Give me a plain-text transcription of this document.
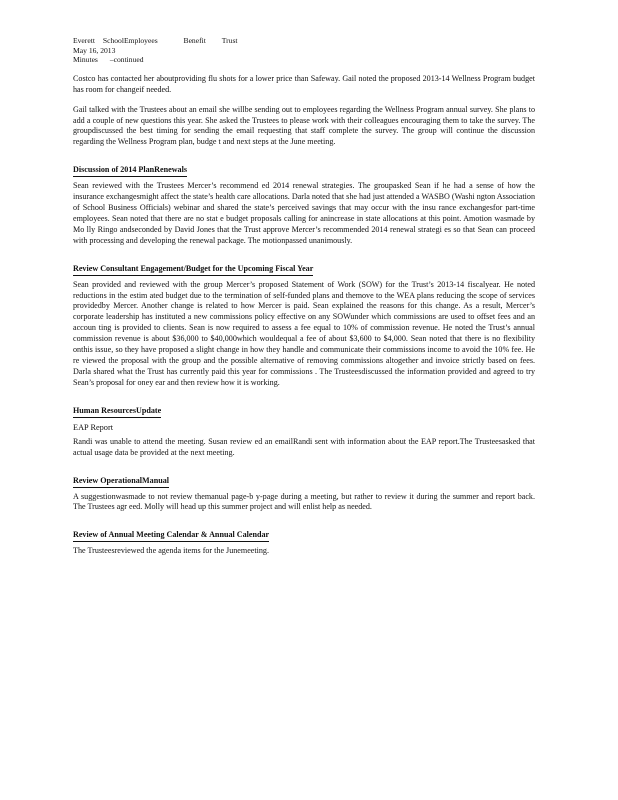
Everett SchoolEmployees	Benefit Trust
May 16, 2013
Minutes –continued

Costco has contacted her aboutproviding flu shots for a lower price than Safeway. Gail noted the proposed 2013-14 Wellness Program budget has room for changeif needed.

Gail talked with the Trustees about an email she willbe sending out to employees regarding the Wellness Program annual survey. She plans to add a couple of new questions this year. She asked the Trustees to please work with their colleagues encouraging them to take the survey. The groupdiscussed the best timing for sending the email requesting that staff complete the survey. The group will continue the discussion regarding the Wellness Program plan, budge t and next steps at the June meeting.

Discussion of 2014 PlanRenewals

Sean reviewed with the Trustees Mercer’s recommend ed 2014 renewal strategies. The groupasked Sean if he had a sense of how the insurance exchangesmight affect the state’s health care allocations. Darla noted that she had just attended a WASBO (Washi ngton Association of School Business Officials) webinar and shared the state’s perceived savings that may occur with the insu rance exchangesfor part-time employees. Sean noted that there are no stat e budget proposals calling for anincrease in state allocations at this point. Amotion wasmade by Mo lly Ringo andseconded by David Jones that the Trust approve Mercer’s recommended 2014 renewal strategi es so that Sean can proceed with processing and developing the renewal package. The motionpassed unanimously.

Review Consultant Engagement/Budget for the Upcoming Fiscal Year

Sean provided and reviewed with the group Mercer’s proposed Statement of Work (SOW) for the Trust’s 2013-14 fiscalyear. He noted reductions in the estim ated budget due to the termination of self-funded plans and themove to the WEA plans reducing the scope of services providedby Mercer. Another change is related to how Mercer is paid. Sean explained the reasons for this change. As a result, Mercer’s corporate leadership has instituted a new commissions policy effective on any SOWunder which commissions are used to offset fees and an accoun ting is provided to clients. Sean is now required to assess a fee equal to 10% of commission revenue. He noted the Trust’s annual commission revenue is about $36,000 to $40,000which wouldequal a fee of about $3,600 to $4,000. Sean noted that there is no flexibility onthis issue, so they have proposed a slight change in how they handle and communicate their commissions income to avoid the 10% fee. He re viewed the proposal with the group and the possible alternative of removing commissions altogether and invoice strictly based on fees. Darla shared what the Trust has currently paid this year for commissions . The Trusteesdiscussed the information provided and agreed to try Sean’s proposal for oney ear and then review how it is working.

Human ResourcesUpdate
EAP Report

Randi was unable to attend the meeting. Susan review ed an emailRandi sent with information about the EAP report.The Trusteesasked that actual usage data be provided at the next meeting.

Review OperationalManual

A suggestionwasmade to not review themanual page-b y-page during a meeting, but rather to review it during the summer and report back. The Trustees agr eed. Molly will head up this summer project and will enlist help as needed.

Review of Annual Meeting Calendar & Annual Calendar

The Trusteesreviewed the agenda items for the Junemeeting.
